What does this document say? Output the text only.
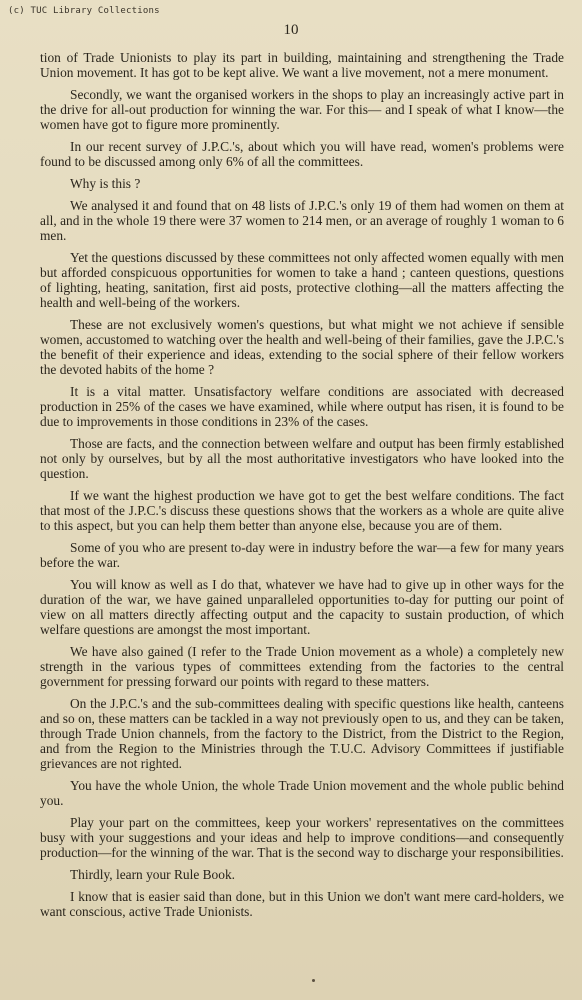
(c) TUC Library Collections
10

tion of Trade Unionists to play its part in building, maintaining and strengthening the Trade Union movement. It has got to be kept alive. We want a live movement, not a mere monument.

Secondly, we want the organised workers in the shops to play an increasingly active part in the drive for all-out production for winning the war. For this— and I speak of what I know—the women have got to figure more prominently.

In our recent survey of J.P.C.'s, about which you will have read, women's problems were found to be discussed among only 6% of all the committees.

Why is this ?

We analysed it and found that on 48 lists of J.P.C.'s only 19 of them had women on them at all, and in the whole 19 there were 37 women to 214 men, or an average of roughly 1 woman to 6 men.

Yet the questions discussed by these committees not only affected women equally with men but afforded conspicuous opportunities for women to take a hand ; canteen questions, questions of lighting, heating, sanitation, first aid posts, protective clothing—all the matters affecting the health and well-being of the workers.

These are not exclusively women's questions, but what might we not achieve if sensible women, accustomed to watching over the health and well-being of their families, gave the J.P.C.'s the benefit of their experience and ideas, extending to the social sphere of their fellow workers the devoted habits of the home ?

It is a vital matter. Unsatisfactory welfare conditions are associated with decreased production in 25% of the cases we have examined, while where output has risen, it is found to be due to improvements in those conditions in 23% of the cases.

Those are facts, and the connection between welfare and output has been firmly established not only by ourselves, but by all the most authoritative investigators who have looked into the question.

If we want the highest production we have got to get the best welfare conditions. The fact that most of the J.P.C.'s discuss these questions shows that the workers as a whole are quite alive to this aspect, but you can help them better than anyone else, because you are of them.

Some of you who are present to-day were in industry before the war—a few for many years before the war.

You will know as well as I do that, whatever we have had to give up in other ways for the duration of the war, we have gained unparalleled opportunities to-day for putting our point of view on all matters directly affecting output and the capacity to sustain production, of which welfare questions are amongst the most important.

We have also gained (I refer to the Trade Union movement as a whole) a completely new strength in the various types of committees extending from the factories to the central government for pressing forward our points with regard to these matters.

On the J.P.C.'s and the sub-committees dealing with specific questions like health, canteens and so on, these matters can be tackled in a way not previously open to us, and they can be taken, through Trade Union channels, from the factory to the District, from the District to the Region, and from the Region to the Ministries through the T.U.C. Advisory Committees if justifiable grievances are not righted.

You have the whole Union, the whole Trade Union movement and the whole public behind you.

Play your part on the committees, keep your workers' representatives on the committees busy with your suggestions and your ideas and help to improve conditions—and consequently production—for the winning of the war. That is the second way to discharge your responsibilities.

Thirdly, learn your Rule Book.

I know that is easier said than done, but in this Union we don't want mere card-holders, we want conscious, active Trade Unionists.
